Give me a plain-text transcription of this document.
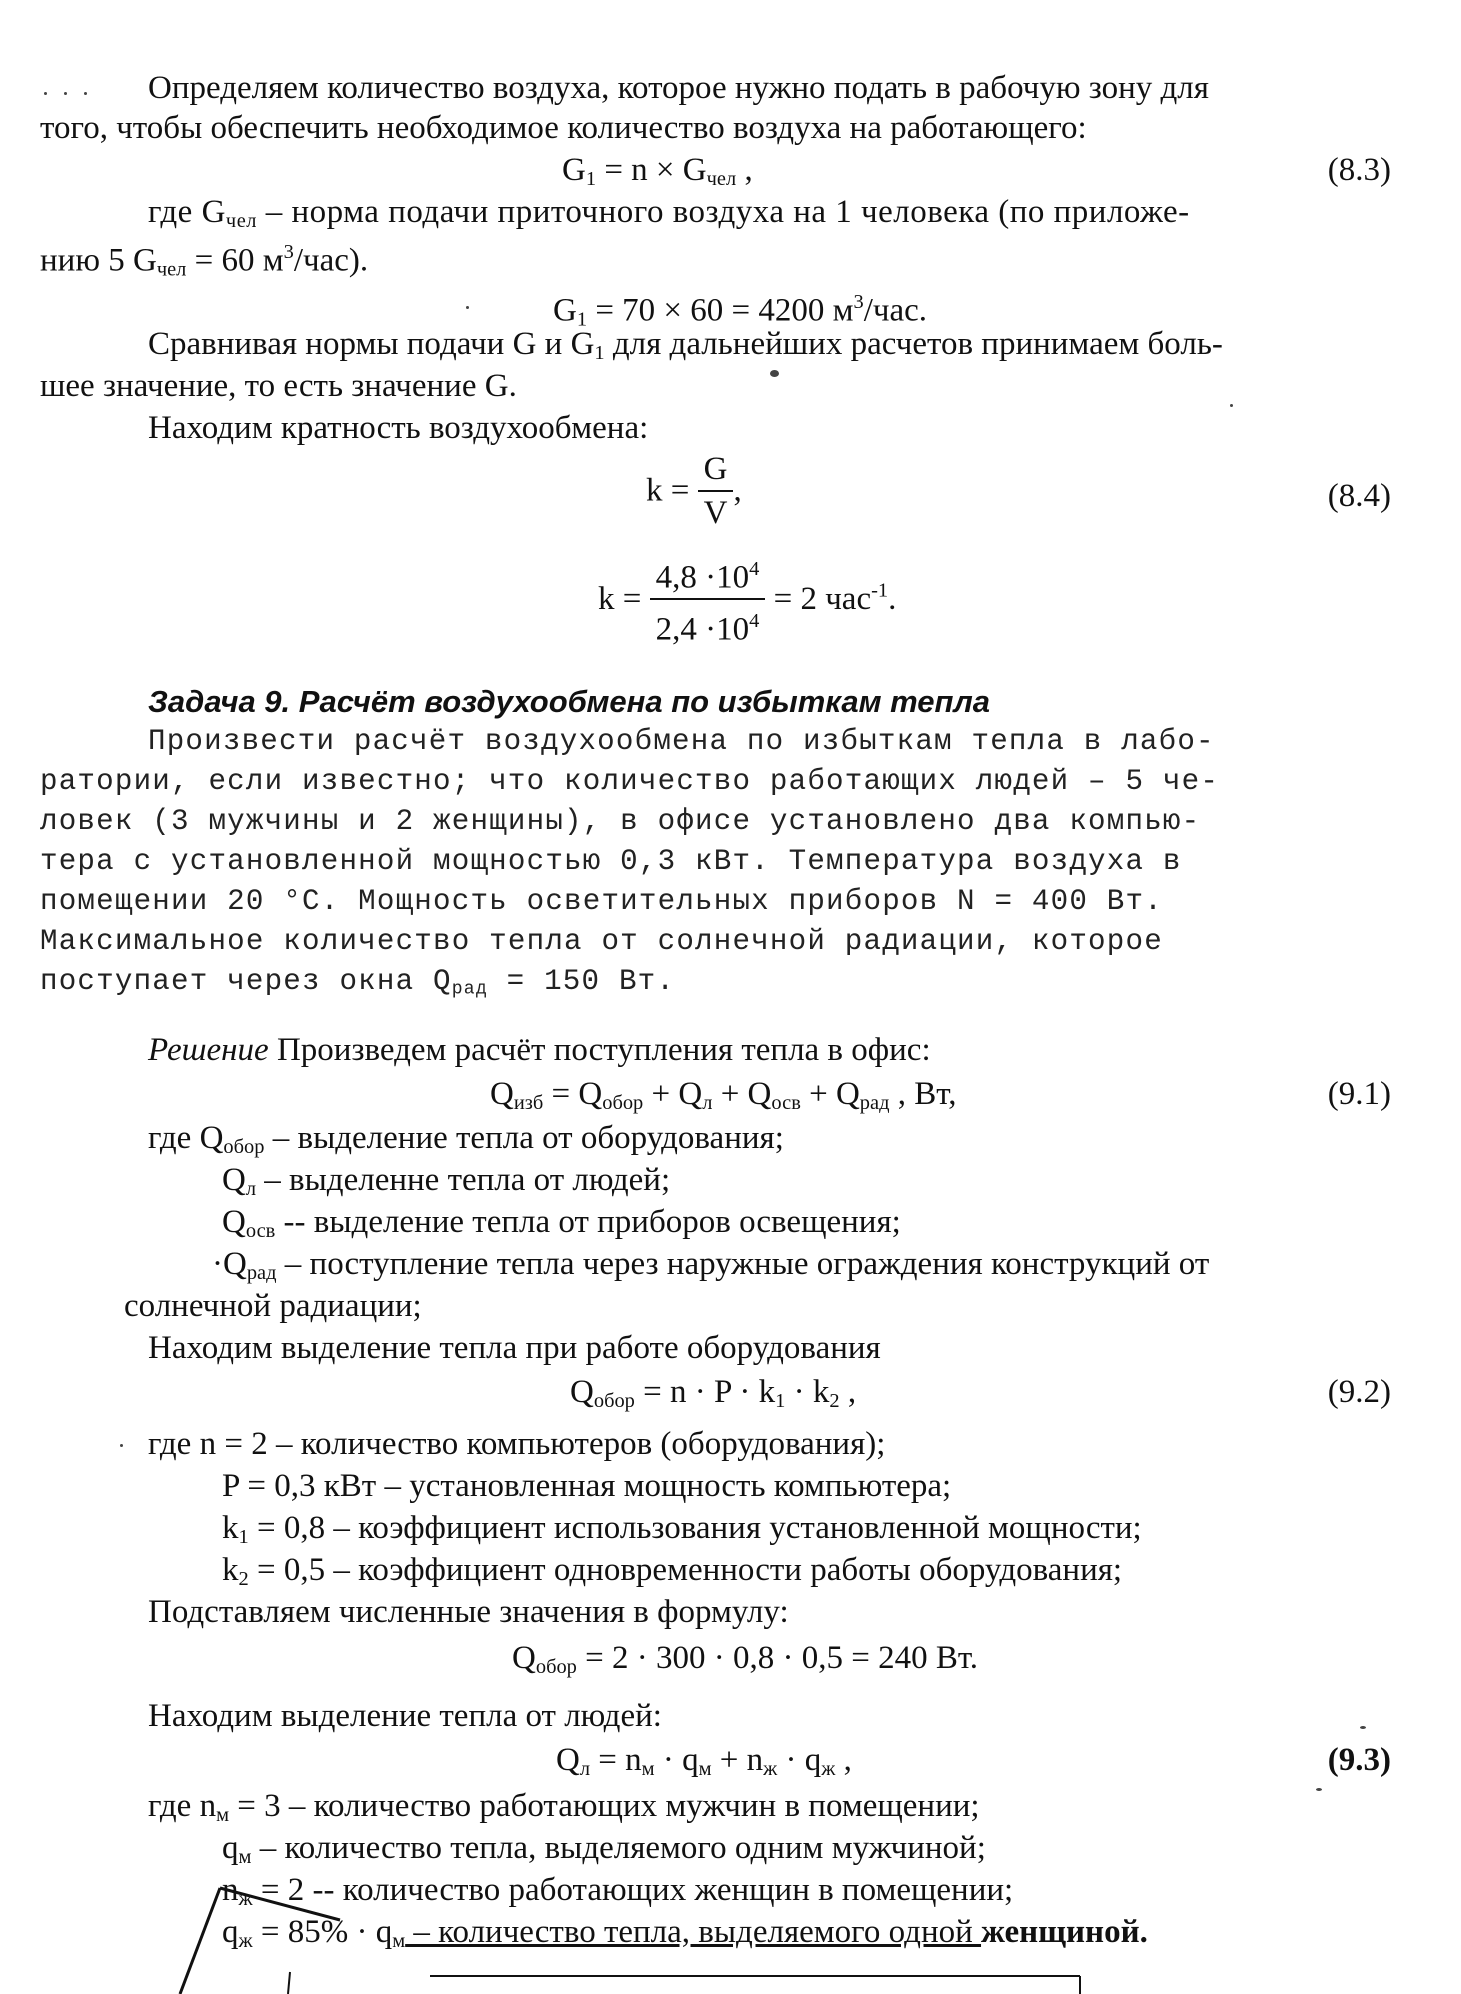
Определяем количество воздуха, которое нужно подать в рабочую зону для
того, чтобы обеспечить необходимое количество воздуха на работающего:
$G_1 = n \times G_{чел}$ ,	(8.3)
где $G_{чел}$ – норма подачи приточного воздуха на 1 человека (по приложе-
нию 5 $G_{чел} = 60$ $м^3/час$).
$G_1 = 70 \times 60 = 4200$ $м^3$/час.
Сравнивая нормы подачи G и $G_1$ для дальнейших расчетов принимаем боль-
шее значение, то есть значение G.
Находим кратность воздухообмена:
$k = \frac{G}{V}$ ,	(8.4)
$k = \frac{4,8 \cdot 10^4}{2,4 \cdot 10^4} = 2$ час$^{-1}$.
Задача 9. Расчёт воздухообмена по избыткам тепла
Произвести расчёт воздухообмена по избыткам тепла в лабо-
ратории, если известно; что количество работающих людей – 5 че-
ловек (3 мужчины и 2 женщины), в офисе установлено два компью-
тера с установленной мощностью 0,3 кВт. Температура воздуха в
помещении 20 °С. Мощность осветительных приборов N = 400 Вт.
Максимальное количество тепла от солнечной радиации, которое
поступает через окна $Q_{рад} = 150$ Вт.
Решение Произведем расчёт поступления тепла в офис:
$Q_{изб} = Q_{обор} + Q_л + Q_{осв} + Q_{рад}$ , Вт,	(9.1)
где $Q_{обор}$ – выделение тепла от оборудования;
$Q_л$ – выделенне тепла от людей;
$Q_{осв}$ -- выделение тепла от приборов освещения;
$\cdot Q_{рад}$ – поступление тепла через наружные ограждения конструкций от
солнечной радиации;
Находим выделение тепла при работе оборудования
$Q_{обор} = n \cdot P \cdot k_1 \cdot k_2$ ,	(9.2)
где n = 2 – количество компьютеров (оборудования);
P = 0,3 кВт – установленная мощность компьютера;
$k_1 = 0,8$ – коэффициент использования установленной мощности;
$k_2 = 0,5$ – коэффициент одновременности работы оборудования;
Подставляем численные значения в формулу:
$Q_{обор} = 2 \cdot 300 \cdot 0,8 \cdot 0,5 = 240$ Вт.
Находим выделение тепла от людей:
$Q_л = n_м \cdot q_м + n_ж \cdot q_ж$ ,	(9.3)
где $n_м = 3$ – количество работающих мужчин в помещении;
$q_м$ – количество тепла, выделяемого одним мужчиной;
$n_ж = 2$ -- количество работающих женщин в помещении;
$q_ж = 85\% \cdot q_м$ – количество тепла, выделяемого одной женщиной.
